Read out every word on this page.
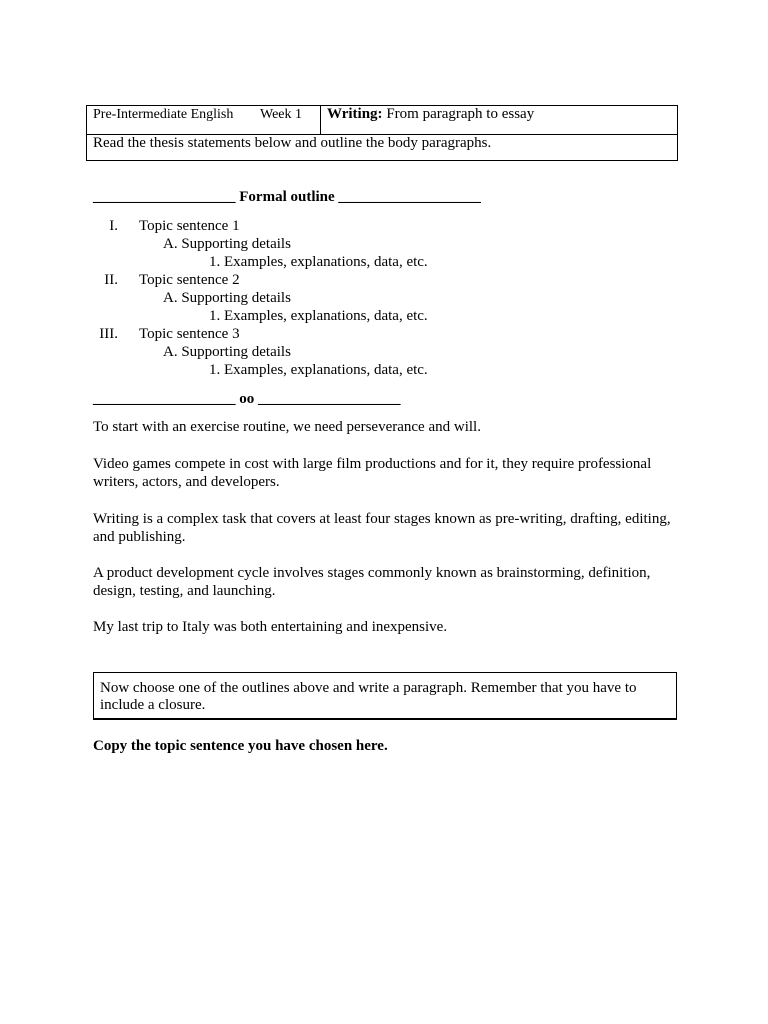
Pre-Intermediate English Week 1 Writing: From paragraph to essay
Read the thesis statements below and outline the body paragraphs.
___________________ Formal outline ___________________
I. Topic sentence 1
A. Supporting details
1. Examples, explanations, data, etc.
II. Topic sentence 2
A. Supporting details
1. Examples, explanations, data, etc.
III. Topic sentence 3
A. Supporting details
1. Examples, explanations, data, etc.
___________________ oo ___________________
To start with an exercise routine, we need perseverance and will.
Video games compete in cost with large film productions and for it, they require professional writers, actors, and developers.
Writing is a complex task that covers at least four stages known as pre-writing, drafting, editing, and publishing.
A product development cycle involves stages commonly known as brainstorming, definition, design, testing, and launching.
My last trip to Italy was both entertaining and inexpensive.
Now choose one of the outlines above and write a paragraph. Remember that you have to include a closure.
Copy the topic sentence you have chosen here.
